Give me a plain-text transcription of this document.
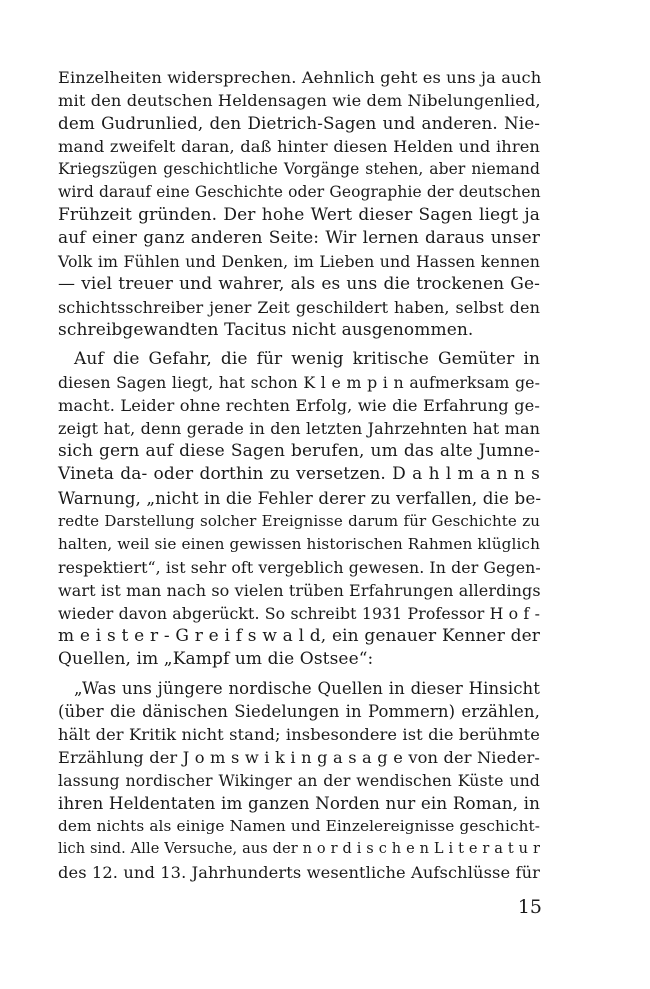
Einzelheiten widersprechen. Aehnlich geht es uns ja auch
mit den deutschen Heldensagen wie dem Nibelungenlied,
dem Gudrunlied, den Dietrich-Sagen und anderen. Nie-
mand zweifelt daran, daß hinter diesen Helden und ihren
Kriegszügen geschichtliche Vorgänge stehen, aber niemand
wird darauf eine Geschichte oder Geographie der deutschen
Frühzeit gründen. Der hohe Wert dieser Sagen liegt ja
auf einer ganz anderen Seite: Wir lernen daraus unser
Volk im Fühlen und Denken, im Lieben und Hassen kennen
— viel treuer und wahrer, als es uns die trockenen Ge-
schichtsschreiber jener Zeit geschildert haben, selbst den
schreibgewandten Tacitus nicht ausgenommen.
Auf die Gefahr, die für wenig kritische Gemüter in
diesen Sagen liegt, hat schon K l e m p i n aufmerksam ge-
macht. Leider ohne rechten Erfolg, wie die Erfahrung ge-
zeigt hat, denn gerade in den letzten Jahrzehnten hat man
sich gern auf diese Sagen berufen, um das alte Jumne-
Vineta da- oder dorthin zu versetzen. D a h l m a n n s
Warnung, „nicht in die Fehler derer zu verfallen, die be-
redte Darstellung solcher Ereignisse darum für Geschichte zu
halten, weil sie einen gewissen historischen Rahmen klüglich
respektiert“, ist sehr oft vergeblich gewesen. In der Gegen-
wart ist man nach so vielen trüben Erfahrungen allerdings
wieder davon abgerückt. So schreibt 1931 Professor H o f -
m e i s t e r - G r e i f s w a l d, ein genauer Kenner der
Quellen, im „Kampf um die Ostsee“:
„Was uns jüngere nordische Quellen in dieser Hinsicht
(über die dänischen Siedelungen in Pommern) erzählen,
hält der Kritik nicht stand; insbesondere ist die berühmte
Erzählung der J o m s w i k i n g a s a g e von der Nieder-
lassung nordischer Wikinger an der wendischen Küste und
ihren Heldentaten im ganzen Norden nur ein Roman, in
dem nichts als einige Namen und Einzelereignisse geschicht-
lich sind. Alle Versuche, aus der n o r d i s c h e n L i t e r a t u r
des 12. und 13. Jahrhunderts wesentliche Aufschlüsse für
15
